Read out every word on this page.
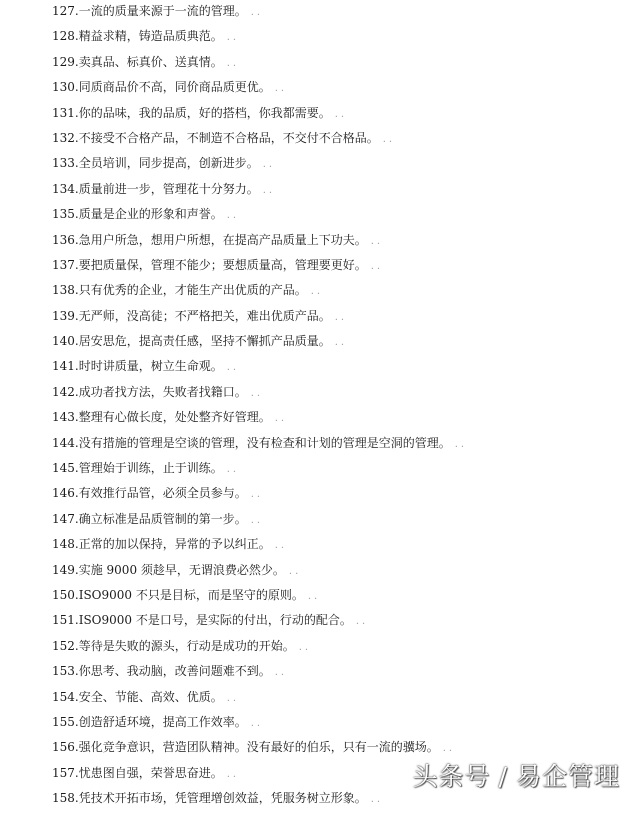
127.一流的质量来源于一流的管理。 ..
128.精益求精，铸造品质典范。 ..
129.卖真品、标真价、送真情。 ..
130.同质商品价不高，同价商品质更优。 ..
131.你的品味，我的品质，好的搭档，你我都需要。 ..
132.不接受不合格产品，不制造不合格品，不交付不合格品。 ..
133.全员培训，同步提高，创新进步。 ..
134.质量前进一步，管理花十分努力。 ..
135.质量是企业的形象和声誉。 ..
136.急用户所急，想用户所想，在提高产品质量上下功夫。 ..
137.要把质量保，管理不能少；要想质量高，管理要更好。 ..
138.只有优秀的企业，才能生产出优质的产品。 ..
139.无严师，没高徒；不严格把关，难出优质产品。 ..
140.居安思危，提高责任感，坚持不懈抓产品质量。 ..
141.时时讲质量，树立生命观。 ..
142.成功者找方法，失败者找籍口。 ..
143.整理有心做长度，处处整齐好管理。 ..
144.没有措施的管理是空谈的管理，没有检查和计划的管理是空洞的管理。 ..
145.管理始于训练，止于训练。 ..
146.有效推行品管，必须全员参与。 ..
147.确立标准是品质管制的第一步。 ..
148.正常的加以保持，异常的予以纠正。 ..
149.实施 9000 须趁早，无谓浪费必然少。 ..
150.ISO9000 不只是目标，而是坚守的原则。 ..
151.ISO9000 不是口号，是实际的付出，行动的配合。 ..
152.等待是失败的源头，行动是成功的开始。 ..
153.你思考、我动脑，改善问题难不到。 ..
154.安全、节能、高效、优质。 ..
155.创造舒适环境，提高工作效率。 ..
156.强化竞争意识，营造团队精神。没有最好的伯乐，只有一流的骥场。 ..
157.忧患图自强，荣誉思奋进。 ..
158.凭技术开拓市场，凭管理增创效益，凭服务树立形象。 ..
头条号 / 易企管理
